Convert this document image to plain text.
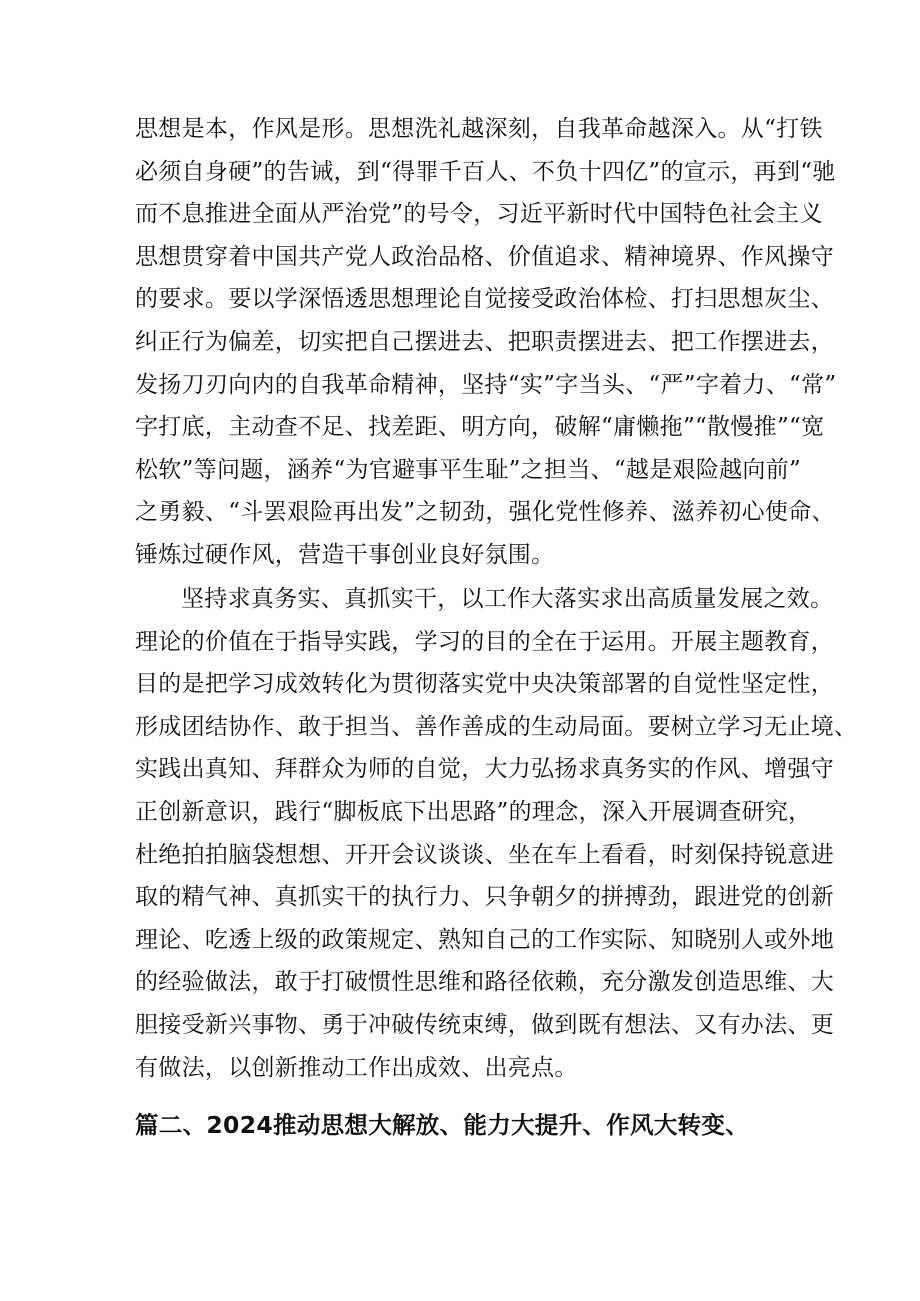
思想是本，作风是形。思想洗礼越深刻，自我革命越深入。从“打铁
必须自身硬”的告诫，到“得罪千百人、不负十四亿”的宣示，再到“驰
而不息推进全面从严治党”的号令，习近平新时代中国特色社会主义
思想贯穿着中国共产党人政治品格、价值追求、精神境界、作风操守
的要求。要以学深悟透思想理论自觉接受政治体检、打扫思想灰尘、
纠正行为偏差，切实把自己摆进去、把职责摆进去、把工作摆进去，
发扬刀刃向内的自我革命精神，坚持“实”字当头、“严”字着力、“常”
字打底，主动查不足、找差距、明方向，破解“庸懒拖”“散慢推”“宽
松软”等问题，涵养“为官避事平生耻”之担当、“越是艰险越向前”
之勇毅、“斗罢艰险再出发”之韧劲，强化党性修养、滋养初心使命、
锤炼过硬作风，营造干事创业良好氛围。
坚持求真务实、真抓实干，以工作大落实求出高质量发展之效。
理论的价值在于指导实践，学习的目的全在于运用。开展主题教育，
目的是把学习成效转化为贯彻落实党中央决策部署的自觉性坚定性，
形成团结协作、敢于担当、善作善成的生动局面。要树立学习无止境、
实践出真知、拜群众为师的自觉，大力弘扬求真务实的作风、增强守
正创新意识，践行“脚板底下出思路”的理念，深入开展调查研究，
杜绝拍拍脑袋想想、开开会议谈谈、坐在车上看看，时刻保持锐意进
取的精气神、真抓实干的执行力、只争朝夕的拼搏劲，跟进党的创新
理论、吃透上级的政策规定、熟知自己的工作实际、知晓别人或外地
的经验做法，敢于打破惯性思维和路径依赖，充分激发创造思维、大
胆接受新兴事物、勇于冲破传统束缚，做到既有想法、又有办法、更
有做法，以创新推动工作出成效、出亮点。
篇二、2024推动思想大解放、能力大提升、作风大转变、
